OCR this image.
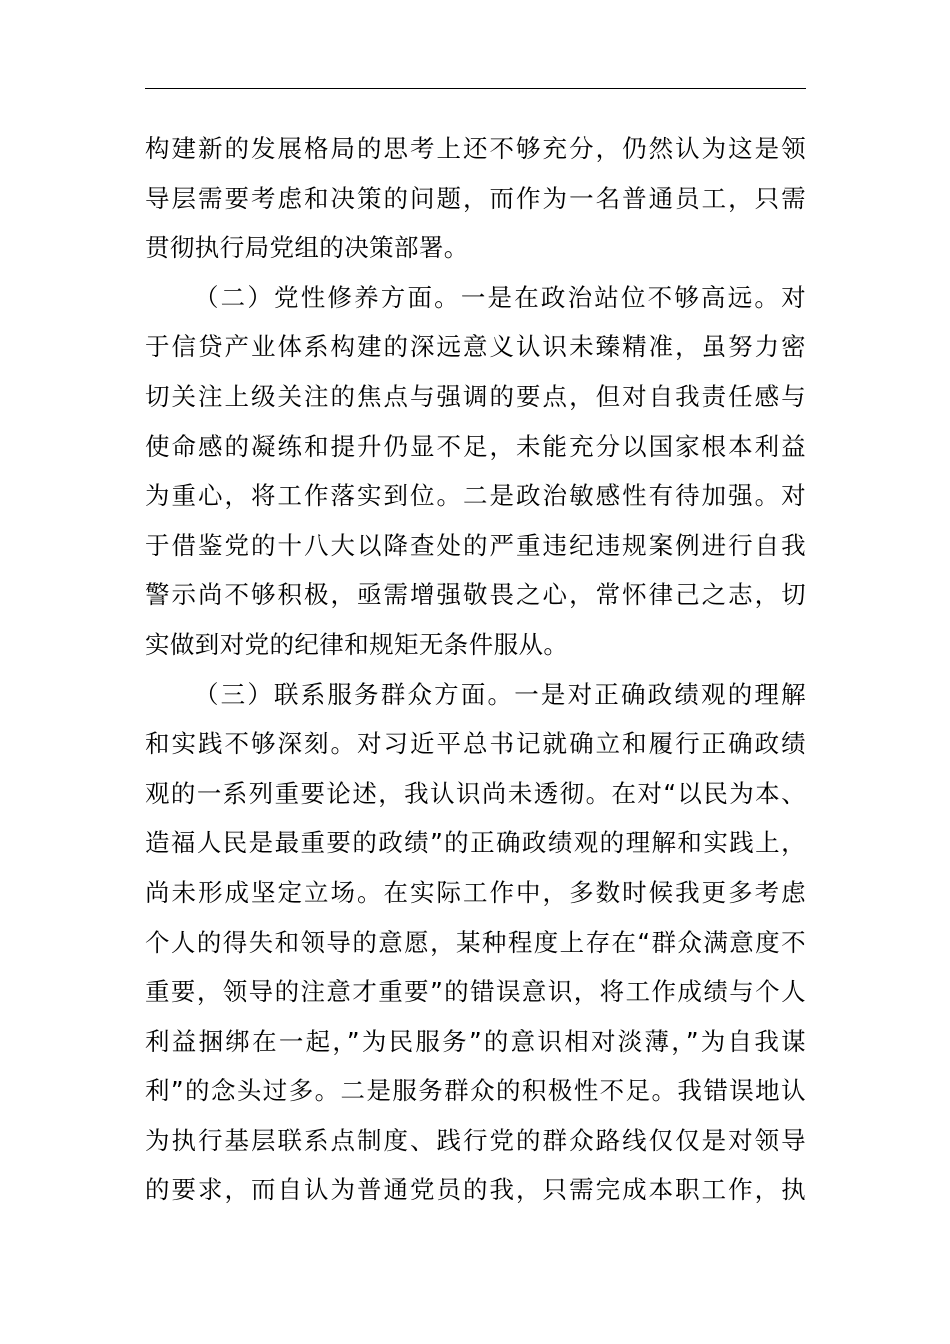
构建新的发展格局的思考上还不够充分，仍然认为这是领
导层需要考虑和决策的问题，而作为一名普通员工，只需
贯彻执行局党组的决策部署。
（二）党性修养方面。一是在政治站位不够高远。对
于信贷产业体系构建的深远意义认识未臻精准，虽努力密
切关注上级关注的焦点与强调的要点，但对自我责任感与
使命感的凝练和提升仍显不足，未能充分以国家根本利益
为重心，将工作落实到位。二是政治敏感性有待加强。对
于借鉴党的十八大以降查处的严重违纪违规案例进行自我
警示尚不够积极，亟需增强敬畏之心，常怀律己之志，切
实做到对党的纪律和规矩无条件服从。
（三）联系服务群众方面。一是对正确政绩观的理解
和实践不够深刻。对习近平总书记就确立和履行正确政绩
观的一系列重要论述，我认识尚未透彻。在对“以民为本、
造福人民是最重要的政绩”的正确政绩观的理解和实践上，
尚未形成坚定立场。在实际工作中，多数时候我更多考虑
个人的得失和领导的意愿，某种程度上存在“群众满意度不
重要，领导的注意才重要”的错误意识，将工作成绩与个人
利益捆绑在一起，”为民服务”的意识相对淡薄，”为自我谋
利”的念头过多。二是服务群众的积极性不足。我错误地认
为执行基层联系点制度、践行党的群众路线仅仅是对领导
的要求，而自认为普通党员的我，只需完成本职工作，执
